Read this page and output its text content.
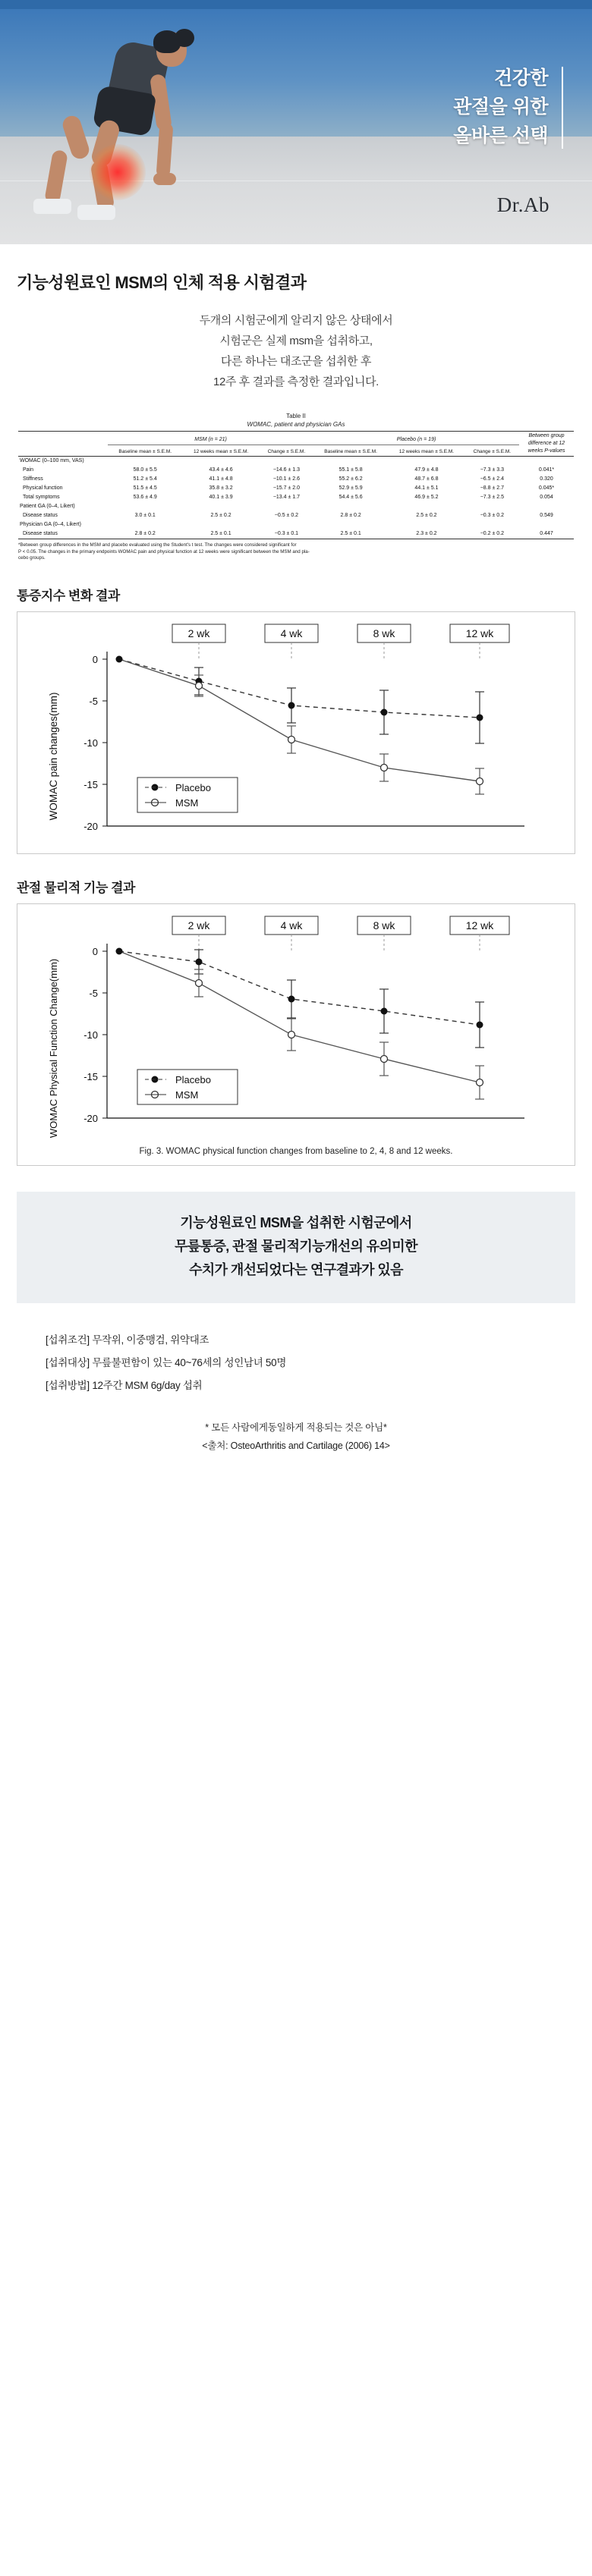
건강한
관절을 위한
올바른 선택
Dr.Ab
기능성원료인 MSM의 인체 적용 시험결과
두개의 시험군에게 알리지 않은 상태에서
시험군은 실제 msm을 섭취하고,
다른 하나는 대조군을 섭취한 후
12주 후 결과를 측정한 결과입니다.
Table II
WOMAC, patient and physician GAs
	MSM (n = 21)			Placebo (n = 19)			Between group difference at 12 weeks P-values
	Baseline mean ± S.E.M.	12 weeks mean ± S.E.M.	Change ± S.E.M.	Baseline mean ± S.E.M.	12 weeks mean ± S.E.M.	Change ± S.E.M.	
WOMAC (0–100 mm, VAS)							
Pain	58.0 ± 5.5	43.4 ± 4.6	−14.6 ± 1.3	55.1 ± 5.8	47.9 ± 4.8	−7.3 ± 3.3	0.041*
Stiffness	51.2 ± 5.4	41.1 ± 4.8	−10.1 ± 2.6	55.2 ± 6.2	48.7 ± 6.8	−6.5 ± 2.4	0.320
Physical function	51.5 ± 4.5	35.8 ± 3.2	−15.7 ± 2.0	52.9 ± 5.9	44.1 ± 5.1	−8.8 ± 2.7	0.045*
Total symptoms	53.6 ± 4.9	40.1 ± 3.9	−13.4 ± 1.7	54.4 ± 5.6	46.9 ± 5.2	−7.3 ± 2.5	0.054
Patient GA (0–4, Likert)							
Disease status	3.0 ± 0.1	2.5 ± 0.2	−0.5 ± 0.2	2.8 ± 0.2	2.5 ± 0.2	−0.3 ± 0.2	0.549
Physician GA (0–4, Likert)							
Disease status	2.8 ± 0.2	2.5 ± 0.1	−0.3 ± 0.1	2.5 ± 0.1	2.3 ± 0.2	−0.2 ± 0.2	0.447
*Between group differences in the MSM and placebo evaluated using the Student's t test. The changes were considered significant for
P < 0.05. The changes in the primary endpoints WOMAC pain and physical function at 12 weeks were significant between the MSM and pla-
cebo groups.
통증지수 변화 결과
2 wk	4 wk	8 wk	12 wk
0
-5
-10
-15
-20
WOMAC pain changes(mm)	Placebo
MSM
관절 물리적 기능 결과
2 wk	4 wk	8 wk	12 wk
0
-5
-10
-15
-20
WOMAC Physical Function Change(mm)	Placebo
MSM
Fig. 3. WOMAC physical function changes from baseline to 2, 4, 8 and 12 weeks.
기능성원료인 MSM을 섭취한 시험군에서
무릎통증, 관절 물리적기능개선의 유의미한
수치가 개선되었다는 연구결과가 있음
[섭취조건] 무작위, 이중맹검, 위약대조
[섭취대상] 무릎불편함이 있는 40~76세의 성인남녀 50명
[섭취방법] 12주간 MSM 6g/day 섭취
* 모든 사람에게동일하게 적용되는 것은 아님*
<출처: OsteoArthritis and Cartilage (2006) 14>
